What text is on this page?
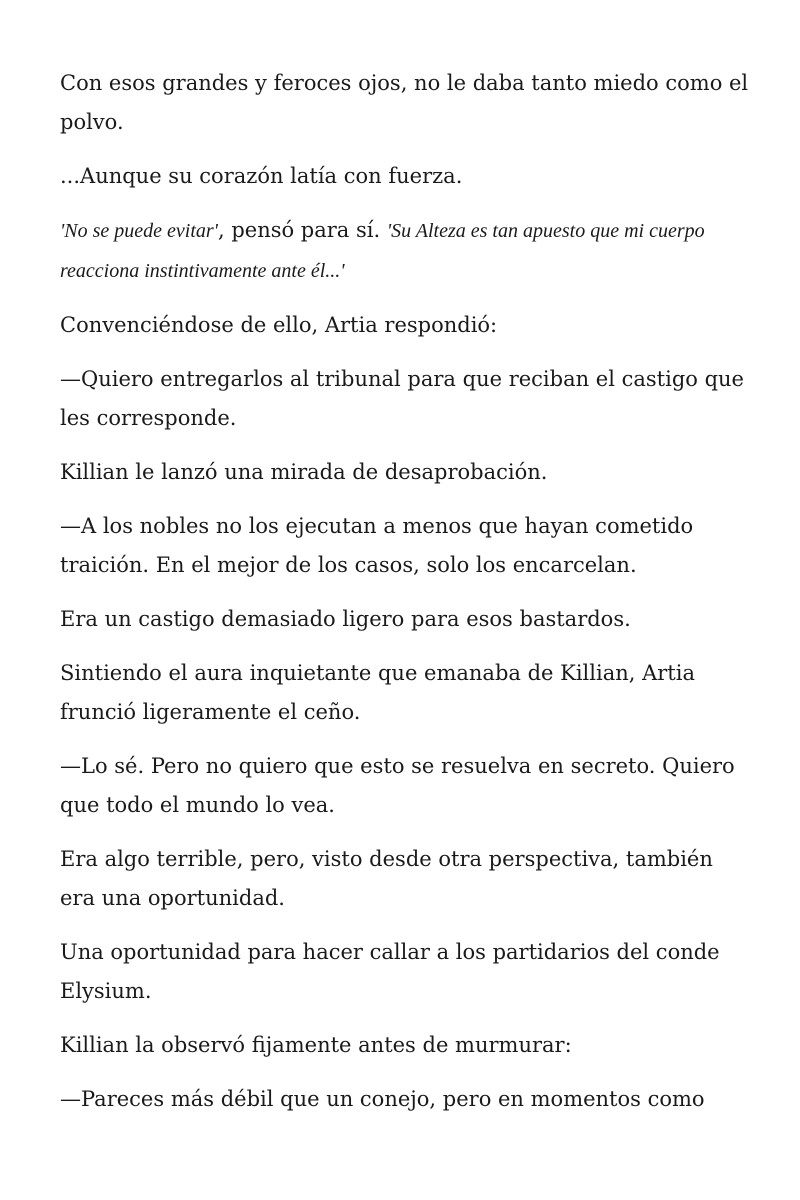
Con esos grandes y feroces ojos, no le daba tanto miedo como el polvo.

...Aunque su corazón latía con fuerza.

'No se puede evitar', pensó para sí. 'Su Alteza es tan apuesto que mi cuerpo reacciona instintivamente ante él...'

Convenciéndose de ello, Artia respondió:

—Quiero entregarlos al tribunal para que reciban el castigo que les corresponde.

Killian le lanzó una mirada de desaprobación.

—A los nobles no los ejecutan a menos que hayan cometido traición. En el mejor de los casos, solo los encarcelan.

Era un castigo demasiado ligero para esos bastardos.

Sintiendo el aura inquietante que emanaba de Killian, Artia frunció ligeramente el ceño.

—Lo sé. Pero no quiero que esto se resuelva en secreto. Quiero que todo el mundo lo vea.

Era algo terrible, pero, visto desde otra perspectiva, también era una oportunidad.

Una oportunidad para hacer callar a los partidarios del conde Elysium.

Killian la observó fijamente antes de murmurar:

—Pareces más débil que un conejo, pero en momentos como
